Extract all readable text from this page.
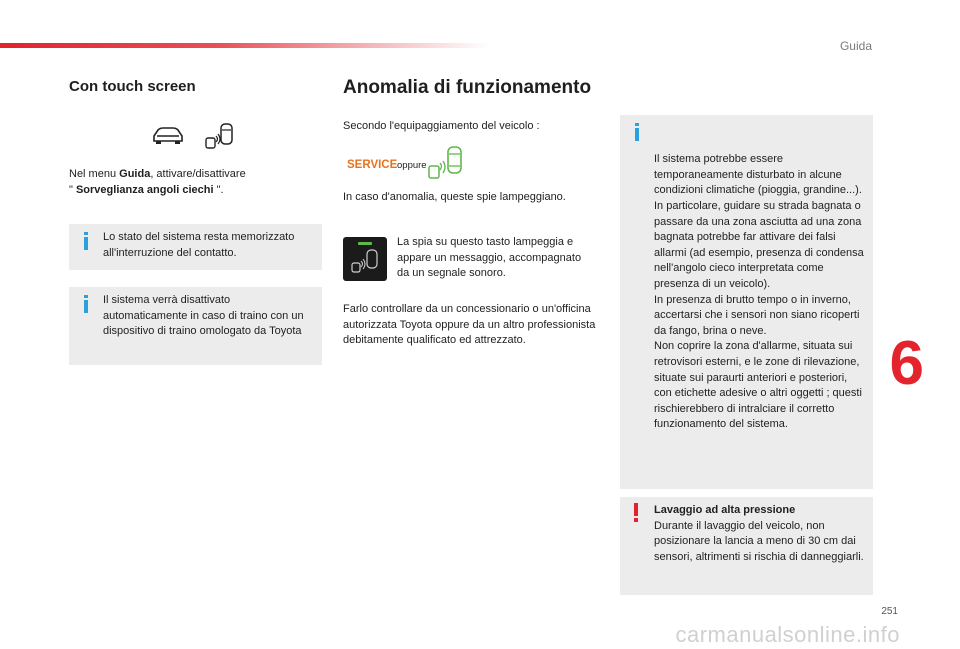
Guida
6
Con touch screen

Nel menu Guida, attivare/disattivare
" Sorveglianza angoli ciechi ".

Lo stato del sistema resta memorizzato all'interruzione del contatto.
Il sistema verrà disattivato automaticamente in caso di traino con un dispositivo di traino omologato da Toyota
Anomalia di funzionamento

Secondo l'equipaggiamento del veicolo :

SERVICE oppure

In caso d'anomalia, queste spie lampeggiano.

La spia su questo tasto lampeggia e appare un messaggio, accompagnato da un segnale sonoro.

Farlo controllare da un concessionario o un'officina autorizzata Toyota oppure da un altro professionista debitamente qualificato ed attrezzato.

Il sistema potrebbe essere temporaneamente disturbato in alcune condizioni climatiche (pioggia, grandine...).
In particolare, guidare su strada bagnata o passare da una zona asciutta ad una zona bagnata potrebbe far attivare dei falsi allarmi (ad esempio, presenza di condensa nell'angolo cieco interpretata come presenza di un veicolo).
In presenza di brutto tempo o in inverno, accertarsi che i sensori non siano ricoperti da fango, brina o neve.
Non coprire la zona d'allarme, situata sui retrovisori esterni, e le zone di rilevazione, situate sui paraurti anteriori e posteriori, con etichette adesive o altri oggetti ; questi rischierebbero di intralciare il corretto funzionamento del sistema.

Lavaggio ad alta pressione
Durante il lavaggio del veicolo, non posizionare la lancia a meno di 30 cm dai sensori, altrimenti si rischia di danneggiarli.
251
carmanualsonline.info
